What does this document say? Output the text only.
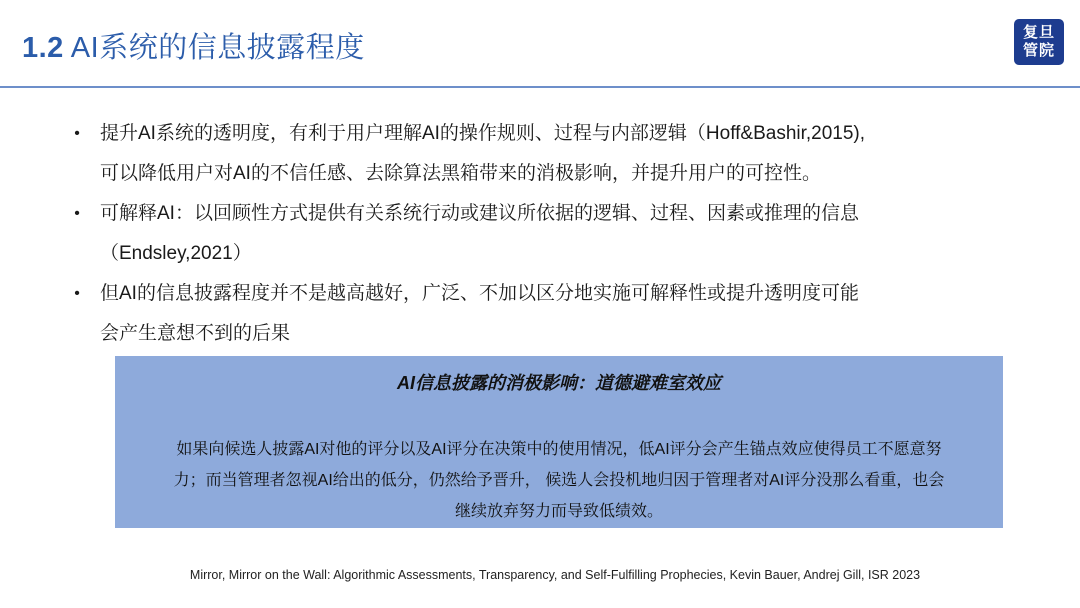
1.2 AI系统的信息披露程度	复旦
管院
• 提升AI系统的透明度，有利于用户理解AI的操作规则、过程与内部逻辑（Hoff&Bashir,2015),
可以降低用户对AI的不信任感、去除算法黑箱带来的消极影响，并提升用户的可控性。
• 可解释AI：以回顾性方式提供有关系统行动或建议所依据的逻辑、过程、因素或推理的信息
（Endsley,2021）
• 但AI的信息披露程度并不是越高越好，广泛、不加以区分地实施可解释性或提升透明度可能
会产生意想不到的后果
AI信息披露的消极影响：道德避难室效应
如果向候选人披露AI对他的评分以及AI评分在决策中的使用情况，低AI评分会产生锚点效应使得员工不愿意努
力；而当管理者忽视AI给出的低分，仍然给予晋升， 候选人会投机地归因于管理者对AI评分没那么看重，也会
继续放弃努力而导致低绩效。
Mirror, Mirror on the Wall: Algorithmic Assessments, Transparency, and Self-Fulfilling Prophecies, Kevin Bauer, Andrej Gill, ISR 2023
